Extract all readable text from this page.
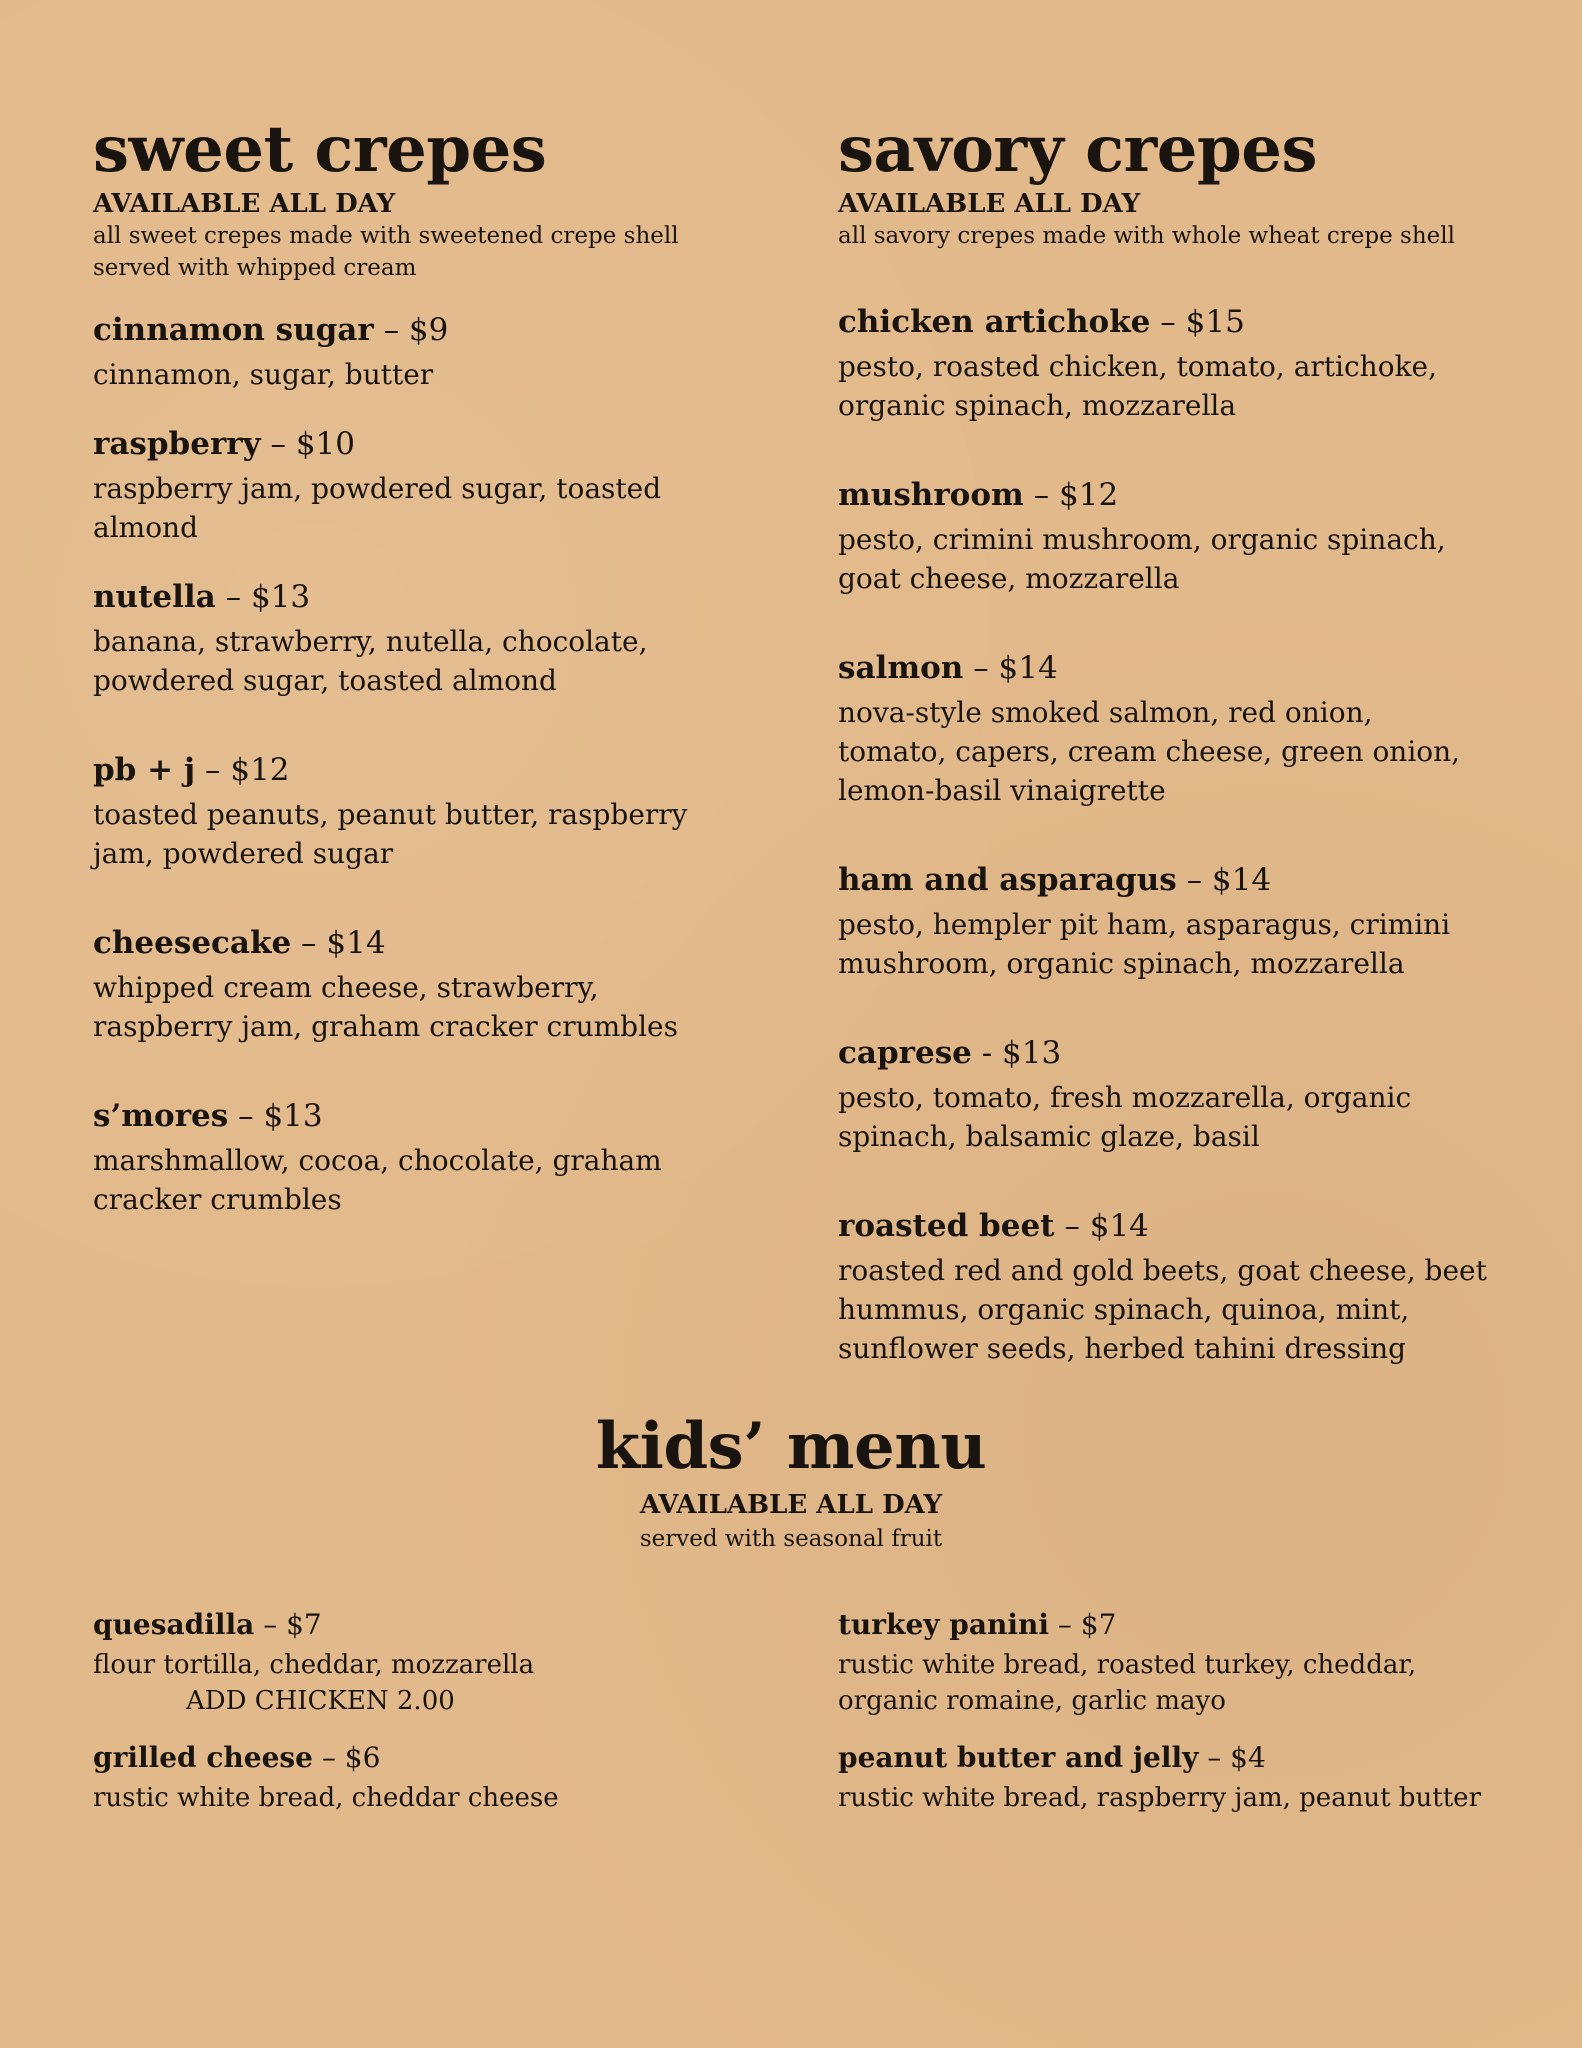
sweet crepes
AVAILABLE ALL DAY
all sweet crepes made with sweetened crepe shell
served with whipped cream
cinnamon sugar – $9
cinnamon, sugar, butter
raspberry – $10
raspberry jam, powdered sugar, toasted
almond
nutella – $13
banana, strawberry, nutella, chocolate,
powdered sugar, toasted almond
pb + j – $12
toasted peanuts, peanut butter, raspberry
jam, powdered sugar
cheesecake – $14
whipped cream cheese, strawberry,
raspberry jam, graham cracker crumbles
s’mores – $13
marshmallow, cocoa, chocolate, graham
cracker crumbles
savory crepes
AVAILABLE ALL DAY
all savory crepes made with whole wheat crepe shell
chicken artichoke – $15
pesto, roasted chicken, tomato, artichoke,
organic spinach, mozzarella
mushroom – $12
pesto, crimini mushroom, organic spinach,
goat cheese, mozzarella
salmon – $14
nova-style smoked salmon, red onion,
tomato, capers, cream cheese, green onion,
lemon-basil vinaigrette
ham and asparagus – $14
pesto, hempler pit ham, asparagus, crimini
mushroom, organic spinach, mozzarella
caprese - $13
pesto, tomato, fresh mozzarella, organic
spinach, balsamic glaze, basil
roasted beet – $14
roasted red and gold beets, goat cheese, beet
hummus, organic spinach, quinoa, mint,
sunflower seeds, herbed tahini dressing
kids’ menu
AVAILABLE ALL DAY
served with seasonal fruit
quesadilla – $7
flour tortilla, cheddar, mozzarella
ADD CHICKEN 2.00
turkey panini – $7
rustic white bread, roasted turkey, cheddar,
organic romaine, garlic mayo
grilled cheese – $6
rustic white bread, cheddar cheese
peanut butter and jelly – $4
rustic white bread, raspberry jam, peanut butter
